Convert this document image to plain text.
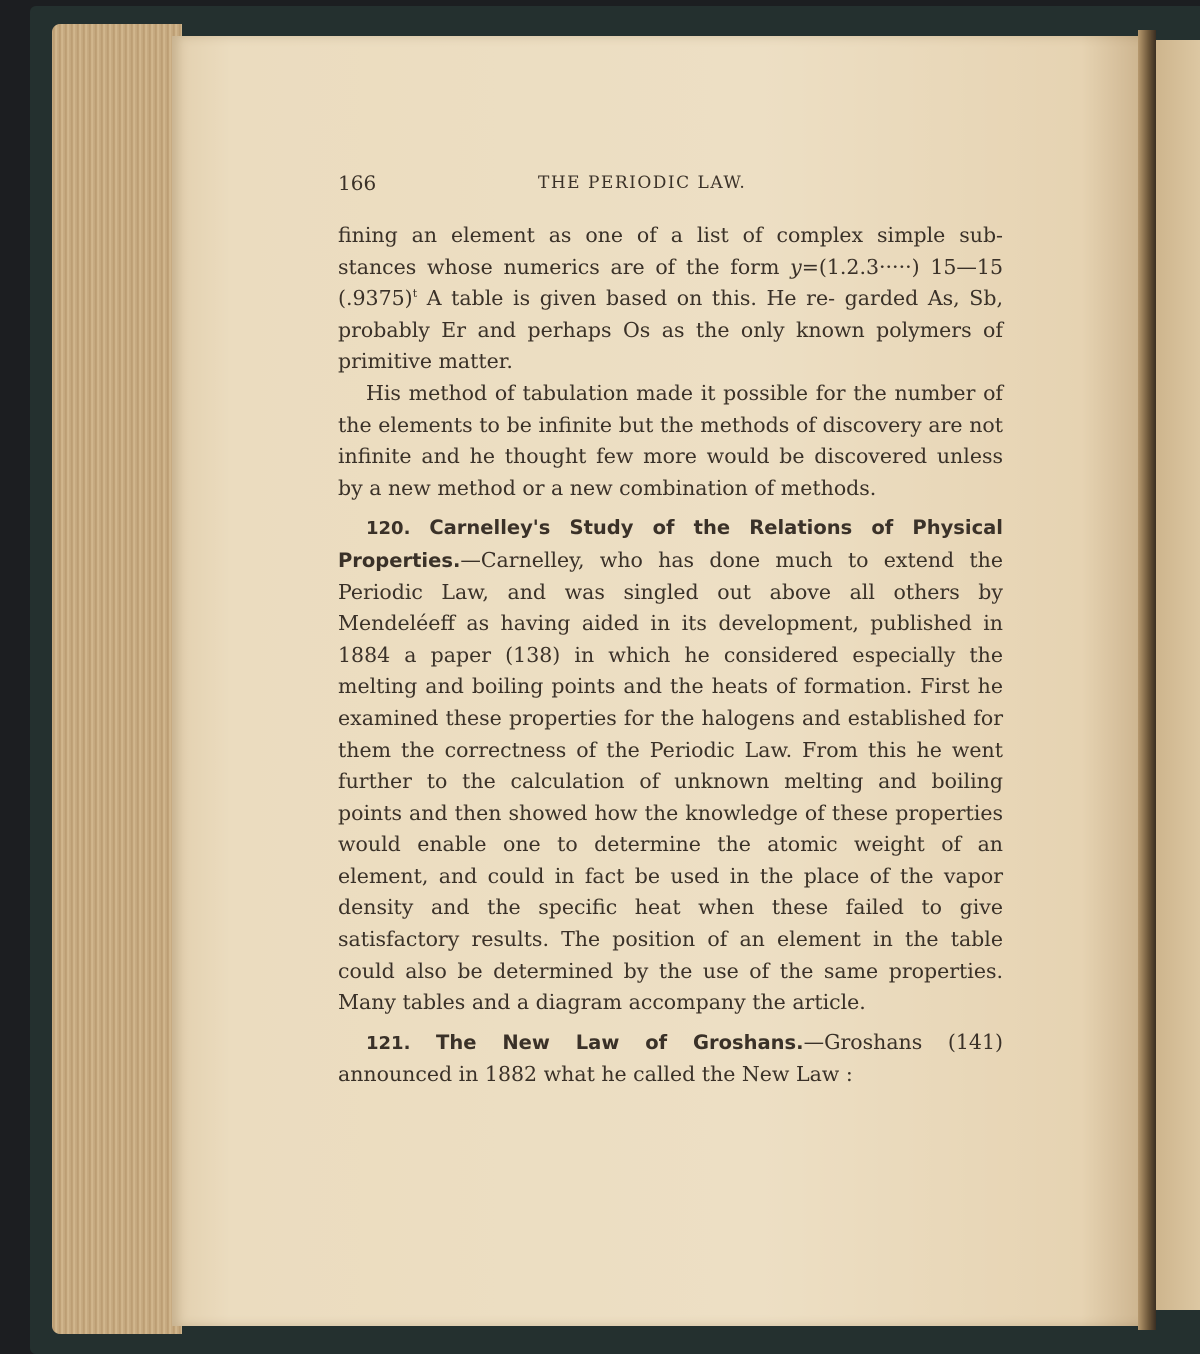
166	THE PERIODIC LAW.

fining an element as one of a list of complex simple sub- stances whose numerics are of the form y=(1.2.3·····) 15—15 $(.9375)^t$ A table is given based on this. He re- garded As, Sb, probably Er and perhaps Os as the only known polymers of primitive matter.

His method of tabulation made it possible for the number of the elements to be infinite but the methods of discovery are not infinite and he thought few more would be discovered unless by a new method or a new combination of methods.

120. Carnelley's Study of the Relations of Physical Properties.—Carnelley, who has done much to extend the Periodic Law, and was singled out above all others by Mendeléeff as having aided in its development, published in 1884 a paper (138) in which he considered especially the melting and boiling points and the heats of formation. First he examined these properties for the halogens and established for them the correctness of the Periodic Law. From this he went further to the calculation of unknown melting and boiling points and then showed how the knowledge of these properties would enable one to determine the atomic weight of an element, and could in fact be used in the place of the vapor density and the specific heat when these failed to give satisfactory results. The position of an element in the table could also be determined by the use of the same properties. Many tables and a diagram accompany the article.

121. The New Law of Groshans.—Groshans (141) announced in 1882 what he called the New Law :
